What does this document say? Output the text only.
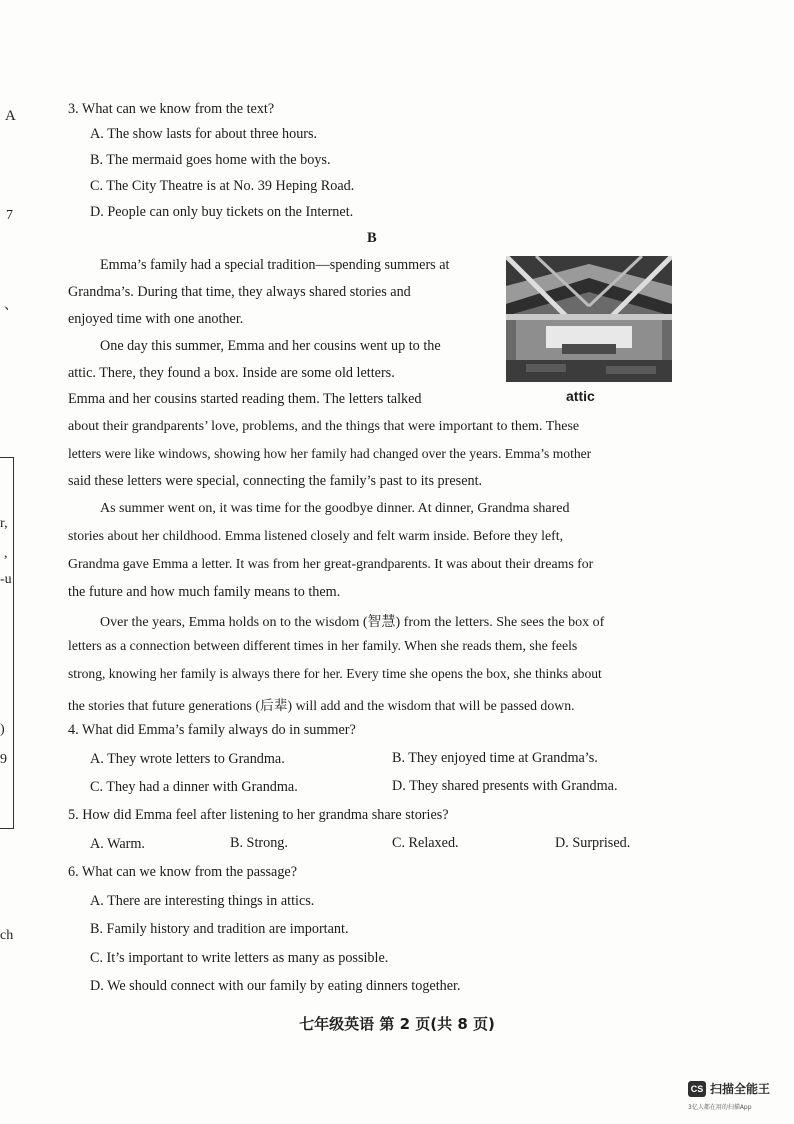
A
7
、
r,
,
-u
)
9
ch
3. What can we know from the text?
A. The show lasts for about three hours.
B. The mermaid goes home with the boys.
C. The City Theatre is at No. 39 Heping Road.
D. People can only buy tickets on the Internet.
B
attic
Emma’s family had a special tradition—spending summers at
Grandma’s. During that time, they always shared stories and
enjoyed time with one another.
One day this summer, Emma and her cousins went up to the
attic. There, they found a box. Inside are some old letters.
Emma and her cousins started reading them. The letters talked
about their grandparents’ love, problems, and the things that were important to them. These
letters were like windows, showing how her family had changed over the years. Emma’s mother
said these letters were special, connecting the family’s past to its present.
As summer went on, it was time for the goodbye dinner. At dinner, Grandma shared
stories about her childhood. Emma listened closely and felt warm inside. Before they left,
Grandma gave Emma a letter. It was from her great-grandparents. It was about their dreams for
the future and how much family means to them.
Over the years, Emma holds on to the wisdom (智慧) from the letters. She sees the box of
letters as a connection between different times in her family. When she reads them, she feels
strong, knowing her family is always there for her. Every time she opens the box, she thinks about
the stories that future generations (后辈) will add and the wisdom that will be passed down.
4. What did Emma’s family always do in summer?
A. They wrote letters to Grandma.	B. They enjoyed time at Grandma’s.
C. They had a dinner with Grandma.	D. They shared presents with Grandma.
5. How did Emma feel after listening to her grandma share stories?
A. Warm.	B. Strong.	C. Relaxed.	D. Surprised.
6. What can we know from the passage?
A. There are interesting things in attics.
B. Family history and tradition are important.
C. It’s important to write letters as many as possible.
D. We should connect with our family by eating dinners together.
七年级英语 第 2 页(共 8 页)
CS 扫描全能王
3亿人都在用的扫描App
